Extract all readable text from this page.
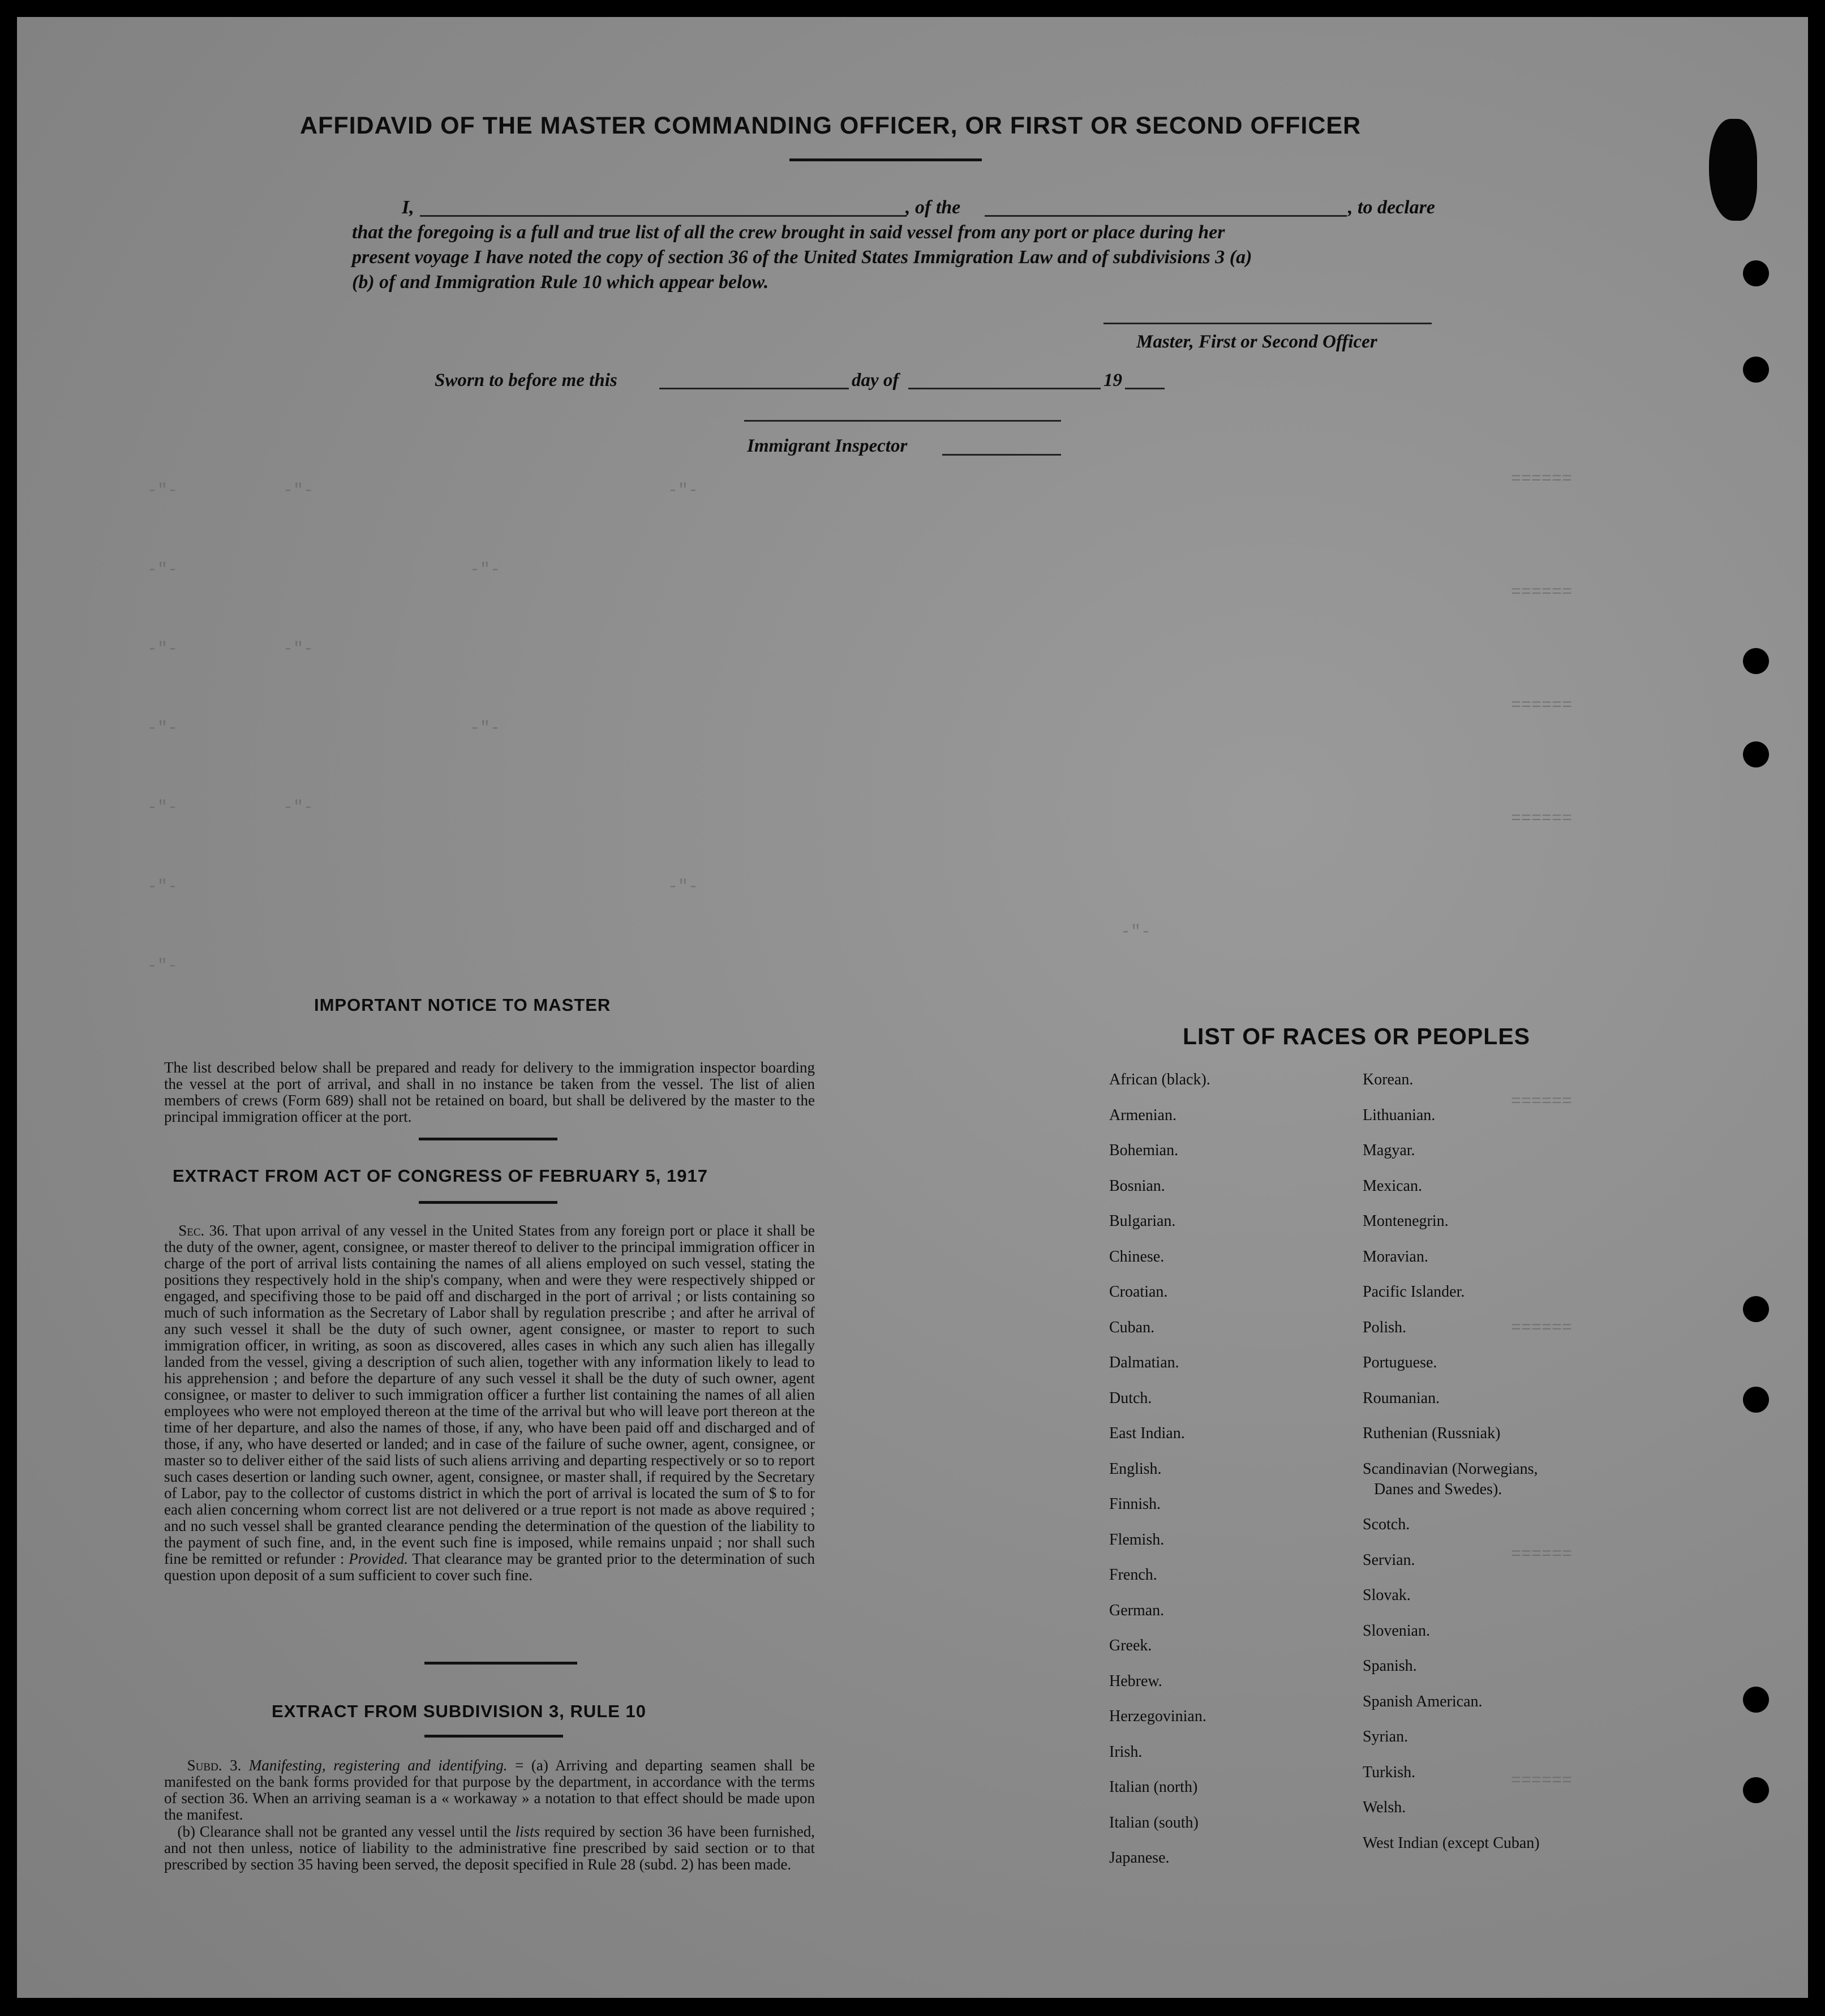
-"-
-"-
-"-
-"-
-"-
-"-
-"-
-"-
-"-
-"-
-"-
-"-
-"-
-"-
-"-
======
======
======
======
======
======
======
======
AFFIDAVID OF THE MASTER COMMANDING OFFICER, OR FIRST OR SECOND OFFICER
I,	, of the	, to declare
that the foregoing is a full and true list of all the crew brought in said vessel from any port or place during her
present voyage I have noted the copy of section 36 of the United States Immigration Law and of subdivisions 3 (a)
(b) of and Immigration Rule 10 which appear below.
Master, First or Second Officer
Sworn to before me this	day of	19
Immigrant Inspector
IMPORTANT NOTICE TO MASTER
The list described below shall be prepared and ready for delivery to the immigration inspector boarding the vessel at the port of arrival, and shall in no instance be taken from the vessel. The list of alien members of crews (Form 689) shall not be retained on board, but shall be delivered by the master to the principal immigration officer at the port.
EXTRACT FROM ACT OF CONGRESS OF FEBRUARY 5, 1917
Sec. 36. That upon arrival of any vessel in the United States from any foreign port or place it shall be the duty of the owner, agent, consignee, or master thereof to deliver to the principal immigration officer in charge of the port of arrival lists containing the names of all aliens employed on such vessel, stating the positions they respectively hold in the ship's company, when and were they were respectively shipped or engaged, and specifiving those to be paid off and discharged in the port of arrival ; or lists containing so much of such information as the Secretary of Labor shall by regulation prescribe ; and after he arrival of any such vessel it shall be the duty of such owner, agent consignee, or master to report to such immigration officer, in writing, as soon as discovered, alles cases in which any such alien has illegally landed from the vessel, giving a description of such alien, together with any information likely to lead to his apprehension ; and before the departure of any such vessel it shall be the duty of such owner, agent consignee, or master to deliver to such immigration officer a further list containing the names of all alien employees who were not employed thereon at the time of the arrival but who will leave port thereon at the time of her departure, and also the names of those, if any, who have been paid off and discharged and of those, if any, who have deserted or landed; and in case of the failure of suche owner, agent, consignee, or master so to deliver either of the said lists of such aliens arriving and departing respectively or so to report such cases desertion or landing such owner, agent, consignee, or master shall, if required by the Secretary of Labor, pay to the collector of customs district in which the port of arrival is located the sum of $ to for each alien concerning whom correct list are not delivered or a true report is not made as above required ; and no such vessel shall be granted clearance pending the determination of the question of the liability to the payment of such fine, and, in the event such fine is imposed, while remains unpaid ; nor shall such fine be remitted or refunder : Provided. That clearance may be granted prior to the determination of such question upon deposit of a sum sufficient to cover such fine.
EXTRACT FROM SUBDIVISION 3, RULE 10
Subd. 3. Manifesting, registering and identifying. = (a) Arriving and departing seamen shall be manifested on the bank forms provided for that purpose by the department, in accordance with the terms of section 36. When an arriving seaman is a « workaway » a notation to that effect should be made upon the manifest.
(b) Clearance shall not be granted any vessel until the lists required by section 36 have been furnished, and not then unless, notice of liability to the administrative fine prescribed by said section or to that prescribed by section 35 having been served, the deposit specified in Rule 28 (subd. 2) has been made.
LIST OF RACES OR PEOPLES
African (black).
Armenian.
Bohemian.
Bosnian.
Bulgarian.
Chinese.
Croatian.
Cuban.
Dalmatian.
Dutch.
East Indian.
English.
Finnish.
Flemish.
French.
German.
Greek.
Hebrew.
Herzegovinian.
Irish.
Italian (north)
Italian (south)
Japanese.
Korean.
Lithuanian.
Magyar.
Mexican.
Montenegrin.
Moravian.
Pacific Islander.
Polish.
Portuguese.
Roumanian.
Ruthenian (Russniak)
Scandinavian (Norwegians,
Danes and Swedes).
Scotch.
Servian.
Slovak.
Slovenian.
Spanish.
Spanish American.
Syrian.
Turkish.
Welsh.
West Indian (except Cuban)
